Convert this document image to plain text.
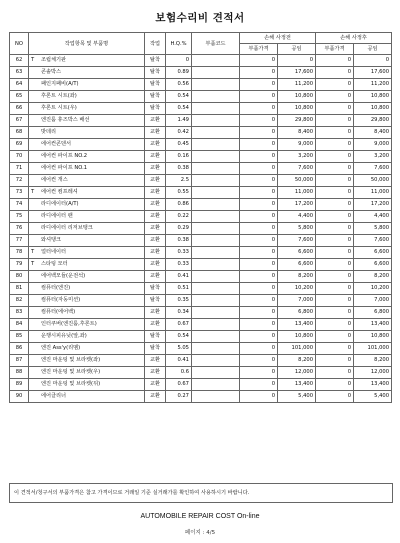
보험수리비 견적서
NO	작업항목 및 부품명	작업	H.Q.%	부품코드	손해 사정전		손해 사정후	
					부품가격	공임	부품가격	공임
62	T 조립체기판	탈착	0		0	0	0	0
63	콘솔박스	탈착	0.89		0	17,600	0	17,600
64	패인지패비(A/T)	탈착	0.56		0	11,200	0	11,200
65	후론트 시트(좌)	탈착	0.54		0	10,800	0	10,800
66	후론트 시트(우)	탈착	0.54		0	10,800	0	10,800
67	엔진룸 휴즈박스 배선	교환	1.49		0	29,800	0	29,800
68	밧데리	교환	0.42		0	8,400	0	8,400
69	에어컨콘덴서	교환	0.45		0	9,000	0	9,000
70	에어컨 파이프 NO.2	교환	0.16		0	3,200	0	3,200
71	에어컨 파이프 NO.1	교환	0.38		0	7,600	0	7,600
72	에어컨 개스	교환	2.5		0	50,000	0	50,000
73	T 에어컨 컴프레셔	교환	0.55		0	11,000	0	11,000
74	라디에이터(A/T)	교환	0.86		0	17,200	0	17,200
75	라디에이터 팬	교환	0.22		0	4,400	0	4,400
76	라디에이터 리저브탱크	교환	0.29		0	5,800	0	5,800
77	와셔탱크	교환	0.38		0	7,600	0	7,600
78	T 얼터네이터	교환	0.33		0	6,600	0	6,600
79	T 스타팅 모터	교환	0.33		0	6,600	0	6,600
80	에어백모듈(운전석)	교환	0.41		0	8,200	0	8,200
81	컴퓨터(엔진)	탈착	0.51		0	10,200	0	10,200
82	컴퓨터(자동미션)	탈착	0.35		0	7,000	0	7,000
83	컴퓨터(에어백)	교환	0.34		0	6,800	0	6,800
84	인터쿠버(엔진룸,후론트)	교환	0.67		0	13,400	0	13,400
85	운행시피유닛(앞,좌)	탈착	0.54		0	10,800	0	10,800
86	엔진 Ass'y(리멤)	탈착	5.05		0	101,000	0	101,000
87	엔진 마운팅 및 브라켓(좌)	교환	0.41		0	8,200	0	8,200
88	엔진 마운팅 및 브라켓(우)	교환	0.6		0	12,000	0	12,000
89	엔진 마운팅 및 브라켓(뒤)	교환	0.67		0	13,400	0	13,400
90	에어클리너	교환	0.27		0	5,400	0	5,400
이 견적서/청구서의 부품가격은 참고 가격이므로 거래일 기준 실거래가를 확인하여 사용하시기 바랍니다.
AUTOMOBILE REPAIR COST On-line
페이지 : 4/5
